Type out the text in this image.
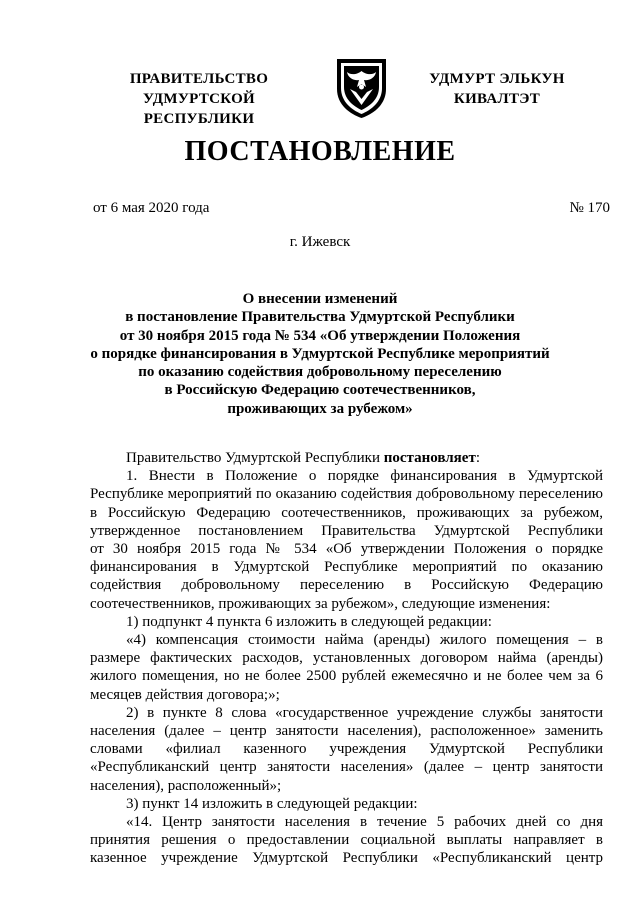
ПРАВИТЕЛЬСТВО
УДМУРТСКОЙ РЕСПУБЛИКИ
УДМУРТ ЭЛЬКУН
КИВАЛТЭТ
ПОСТАНОВЛЕНИЕ
от 6 мая 2020 года	№ 170
г. Ижевск
О внесении изменений
в постановление Правительства Удмуртской Республики
от 30 ноября 2015 года № 534 «Об утверждении Положения
о порядке финансирования в Удмуртской Республике мероприятий
по оказанию содействия добровольному переселению
в Российскую Федерацию соотечественников,
проживающих за рубежом»
Правительство Удмуртской Республики постановляет:
1. Внести в Положение о порядке финансирования в Удмуртской
Республике мероприятий по оказанию содействия добровольному переселению
в Российскую Федерацию соотечественников, проживающих за рубежом,
утвержденное постановлением Правительства Удмуртской Республики
от 30 ноября 2015 года № 534 «Об утверждении Положения о порядке
финансирования в Удмуртской Республике мероприятий по оказанию
содействия добровольному переселению в Российскую Федерацию
соотечественников, проживающих за рубежом», следующие изменения:
1) подпункт 4 пункта 6 изложить в следующей редакции:
«4) компенсация стоимости найма (аренды) жилого помещения – в
размере фактических расходов, установленных договором найма (аренды)
жилого помещения, но не более 2500 рублей ежемесячно и не более чем за 6
месяцев действия договора;»;
2) в пункте 8 слова «государственное учреждение службы занятости
населения (далее – центр занятости населения), расположенное» заменить
словами «филиал казенного учреждения Удмуртской Республики
«Республиканский центр занятости населения» (далее – центр занятости
населения), расположенный»;
3) пункт 14 изложить в следующей редакции:
«14. Центр занятости населения в течение 5 рабочих дней со дня
принятия решения о предоставлении социальной выплаты направляет в
казенное учреждение Удмуртской Республики «Республиканский центр
